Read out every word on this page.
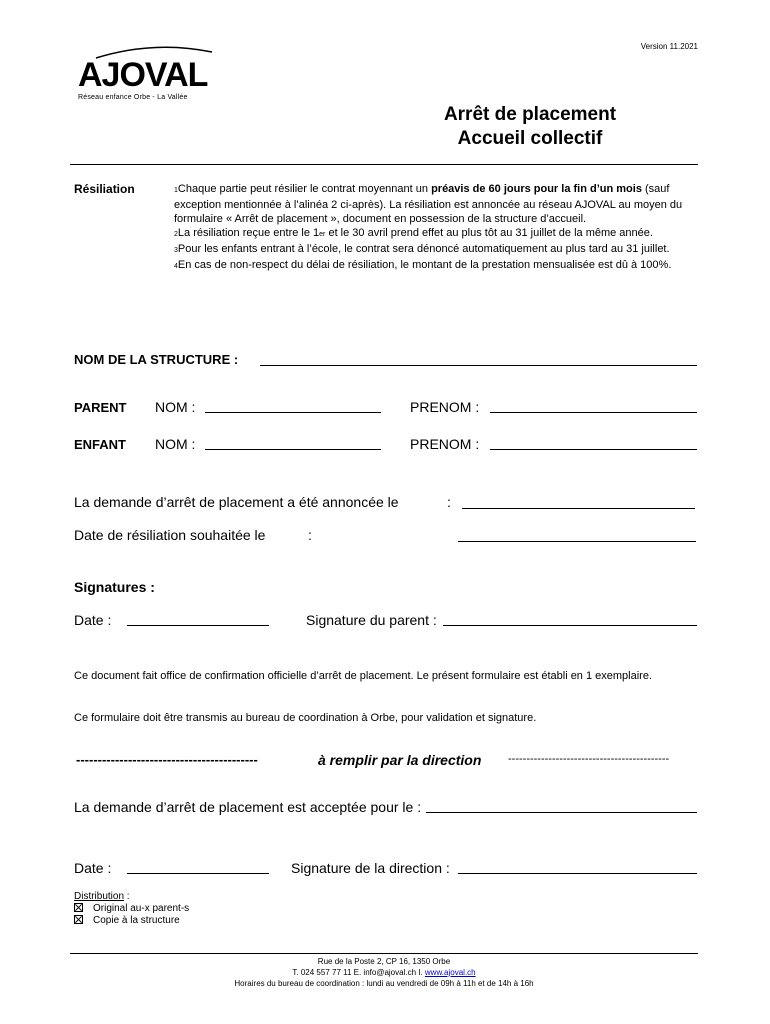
Version 11.2021
AJOVAL
Réseau enfance Orbe - La Vallée
Arrêt de placement
Accueil collectif
Résiliation	1Chaque partie peut résilier le contrat moyennant un préavis de 60 jours pour la fin d’un mois (sauf exception mentionnée à l’alinéa 2 ci-après). La résiliation est annoncée au réseau AJOVAL au moyen du formulaire « Arrêt de placement », document en possession de la structure d’accueil.

2La résiliation reçue entre le 1er et le 30 avril prend effet au plus tôt au 31 juillet de la même année.

3Pour les enfants entrant à l’école, le contrat sera dénoncé automatiquement au plus tard au 31 juillet.

4En cas de non-respect du délai de résiliation, le montant de la prestation mensualisée est dû à 100%.

NOM DE LA STRUCTURE :
PARENT NOM :	PRENOM :
ENFANT NOM :	PRENOM :
La demande d’arrêt de placement a été annoncée le	:
Date de résiliation souhaitée le	:
Signatures :
Date :	Signature du parent :
Ce document fait office de confirmation officielle d’arrêt de placement. Le présent formulaire est établi en 1 exemplaire.
Ce formulaire doit être transmis au bureau de coordination à Orbe, pour validation et signature.
------------------------------------------	à remplir par la direction --------------------------------------------
La demande d’arrêt de placement est acceptée pour le :
Date :	Signature de la direction :
Distribution :
Original au-x parent-s
Copie à la structure
Rue de la Poste 2, CP 16, 1350 Orbe
T. 024 557 77 11 E. info@ajoval.ch I. www.ajoval.ch
Horaires du bureau de coordination : lundi au vendredi de 09h à 11h et de 14h à 16h
